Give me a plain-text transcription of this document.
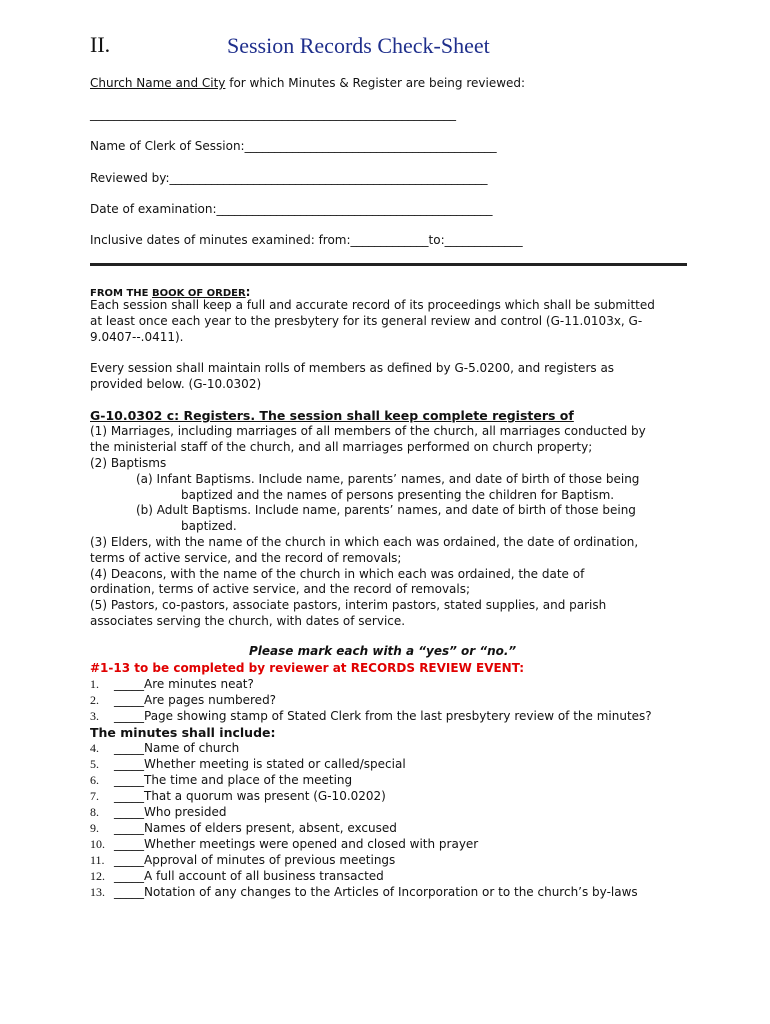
II.	Session Records Check-Sheet
Church Name and City for which Minutes & Register are being reviewed:
_____________________________________________________________
Name of Clerk of Session:__________________________________________
Reviewed by:_____________________________________________________
Date of examination:______________________________________________
Inclusive dates of minutes examined: from:_____________to:_____________
FROM THE BOOK OF ORDER:
Each session shall keep a full and accurate record of its proceedings which shall be submitted
at least once each year to the presbytery for its general review and control (G-11.0103x, G-
9.0407--.0411).
Every session shall maintain rolls of members as defined by G-5.0200, and registers as
provided below. (G-10.0302)
G-10.0302 c: Registers. The session shall keep complete registers of
(1) Marriages, including marriages of all members of the church, all marriages conducted by
the ministerial staff of the church, and all marriages performed on church property;
(2) Baptisms
(a) Infant Baptisms. Include name, parents’ names, and date of birth of those being
baptized and the names of persons presenting the children for Baptism.
(b) Adult Baptisms. Include name, parents’ names, and date of birth of those being
baptized.
(3) Elders, with the name of the church in which each was ordained, the date of ordination,
terms of active service, and the record of removals;
(4) Deacons, with the name of the church in which each was ordained, the date of
ordination, terms of active service, and the record of removals;
(5) Pastors, co-pastors, associate pastors, interim pastors, stated supplies, and parish
associates serving the church, with dates of service.
Please mark each with a “yes” or “no.”
#1-13 to be completed by reviewer at RECORDS REVIEW EVENT:
The minutes shall include:
1. _____Are minutes neat?
2. _____Are pages numbered?
3. _____Page showing stamp of Stated Clerk from the last presbytery review of the minutes?
4. _____Name of church
5. _____Whether meeting is stated or called/special
6. _____The time and place of the meeting
7. _____That a quorum was present (G-10.0202)
8. _____Who presided
9. _____Names of elders present, absent, excused
10. _____Whether meetings were opened and closed with prayer
11. _____Approval of minutes of previous meetings
12. _____A full account of all business transacted
13. _____Notation of any changes to the Articles of Incorporation or to the church’s by-laws
